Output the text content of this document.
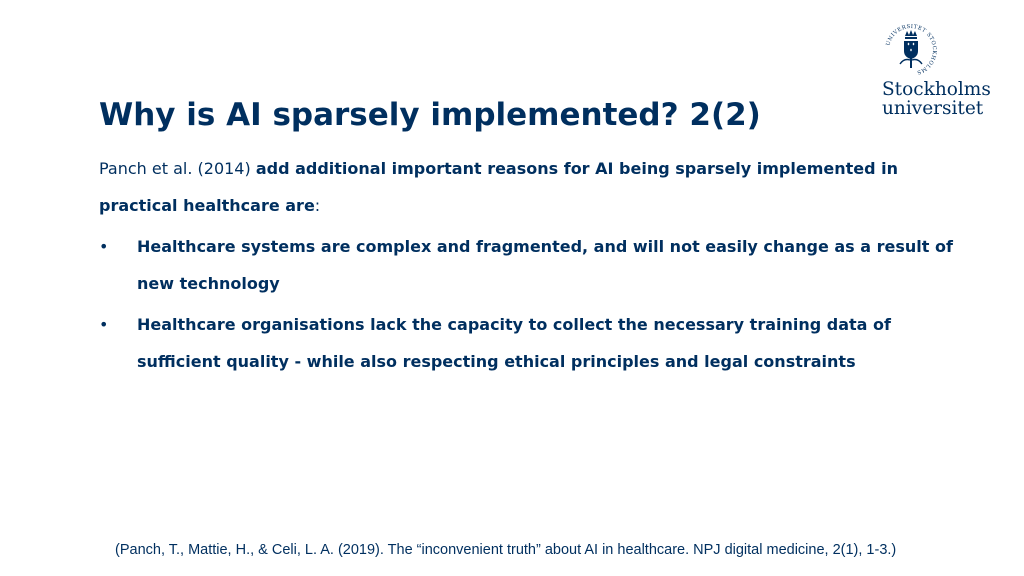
UNIVERSITET STOCKHOLMS
Stockholms
universitet
Why is AI sparsely implemented? 2(2)

Panch et al. (2014) add additional important reasons for AI being sparsely implemented in practical healthcare are:

• Healthcare systems are complex and fragmented, and will not easily change as a result of new technology
• Healthcare organisations lack the capacity to collect the necessary training data of sufficient quality - while also respecting ethical principles and legal constraints
(Panch, T., Mattie, H., & Celi, L. A. (2019). The “inconvenient truth” about AI in healthcare. NPJ digital medicine, 2(1), 1-3.)
